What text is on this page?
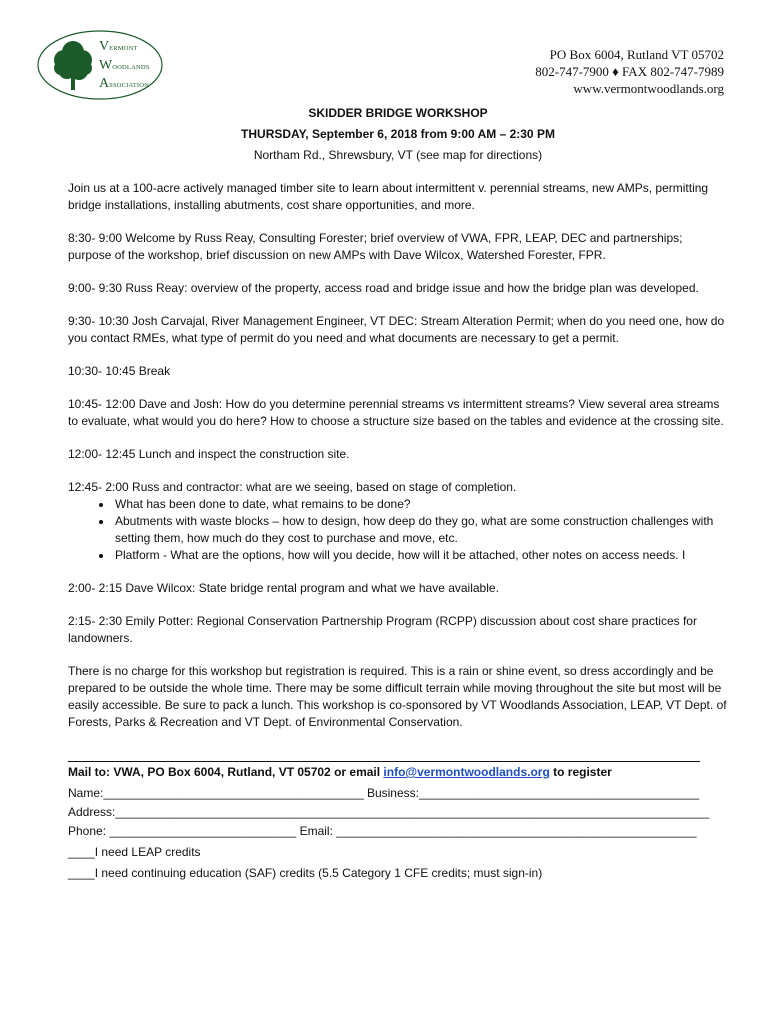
VERMONT
WOODLANDS
ASSOCIATION
PO Box 6004, Rutland VT 05702
802-747-7900 ♦ FAX 802-747-7989
www.vermontwoodlands.org

SKIDDER BRIDGE WORKSHOP

THURSDAY, September 6, 2018 from 9:00 AM – 2:30 PM

Northam Rd., Shrewsbury, VT (see map for directions)

Join us at a 100-acre actively managed timber site to learn about intermittent v. perennial streams, new AMPs, permitting bridge installations, installing abutments, cost share opportunities, and more.

8:30- 9:00 Welcome by Russ Reay, Consulting Forester; brief overview of VWA, FPR, LEAP, DEC and partnerships; purpose of the workshop, brief discussion on new AMPs with Dave Wilcox, Watershed Forester, FPR.

9:00- 9:30 Russ Reay: overview of the property, access road and bridge issue and how the bridge plan was developed.

9:30- 10:30 Josh Carvajal, River Management Engineer, VT DEC: Stream Alteration Permit; when do you need one, how do you contact RMEs, what type of permit do you need and what documents are necessary to get a permit.

10:30- 10:45 Break

10:45- 12:00 Dave and Josh: How do you determine perennial streams vs intermittent streams? View several area streams to evaluate, what would you do here? How to choose a structure size based on the tables and evidence at the crossing site.

12:00- 12:45 Lunch and inspect the construction site.

12:45- 2:00 Russ and contractor: what are we seeing, based on stage of completion.

• What has been done to date, what remains to be done?
• Abutments with waste blocks – how to design, how deep do they go, what are some construction challenges with setting them, how much do they cost to purchase and move, etc.
• Platform - What are the options, how will you decide, how will it be attached, other notes on access needs. I

2:00- 2:15 Dave Wilcox: State bridge rental program and what we have available.

2:15- 2:30 Emily Potter: Regional Conservation Partnership Program (RCPP) discussion about cost share practices for landowners.

There is no charge for this workshop but registration is required. This is a rain or shine event, so dress accordingly and be prepared to be outside the whole time. There may be some difficult terrain while moving throughout the site but most will be easily accessible. Be sure to pack a lunch. This workshop is co-sponsored by VT Woodlands Association, LEAP, VT Dept. of Forests, Parks & Recreation and VT Dept. of Environmental Conservation.

Mail to: VWA, PO Box 6004, Rutland, VT 05702 or email info@vermontwoodlands.org to register

Name:_______________________________________ Business:__________________________________________

Address:_________________________________________________________________________________________

Phone: ____________________________ Email: ______________________________________________________

____I need LEAP credits

____I need continuing education (SAF) credits (5.5 Category 1 CFE credits; must sign-in)
